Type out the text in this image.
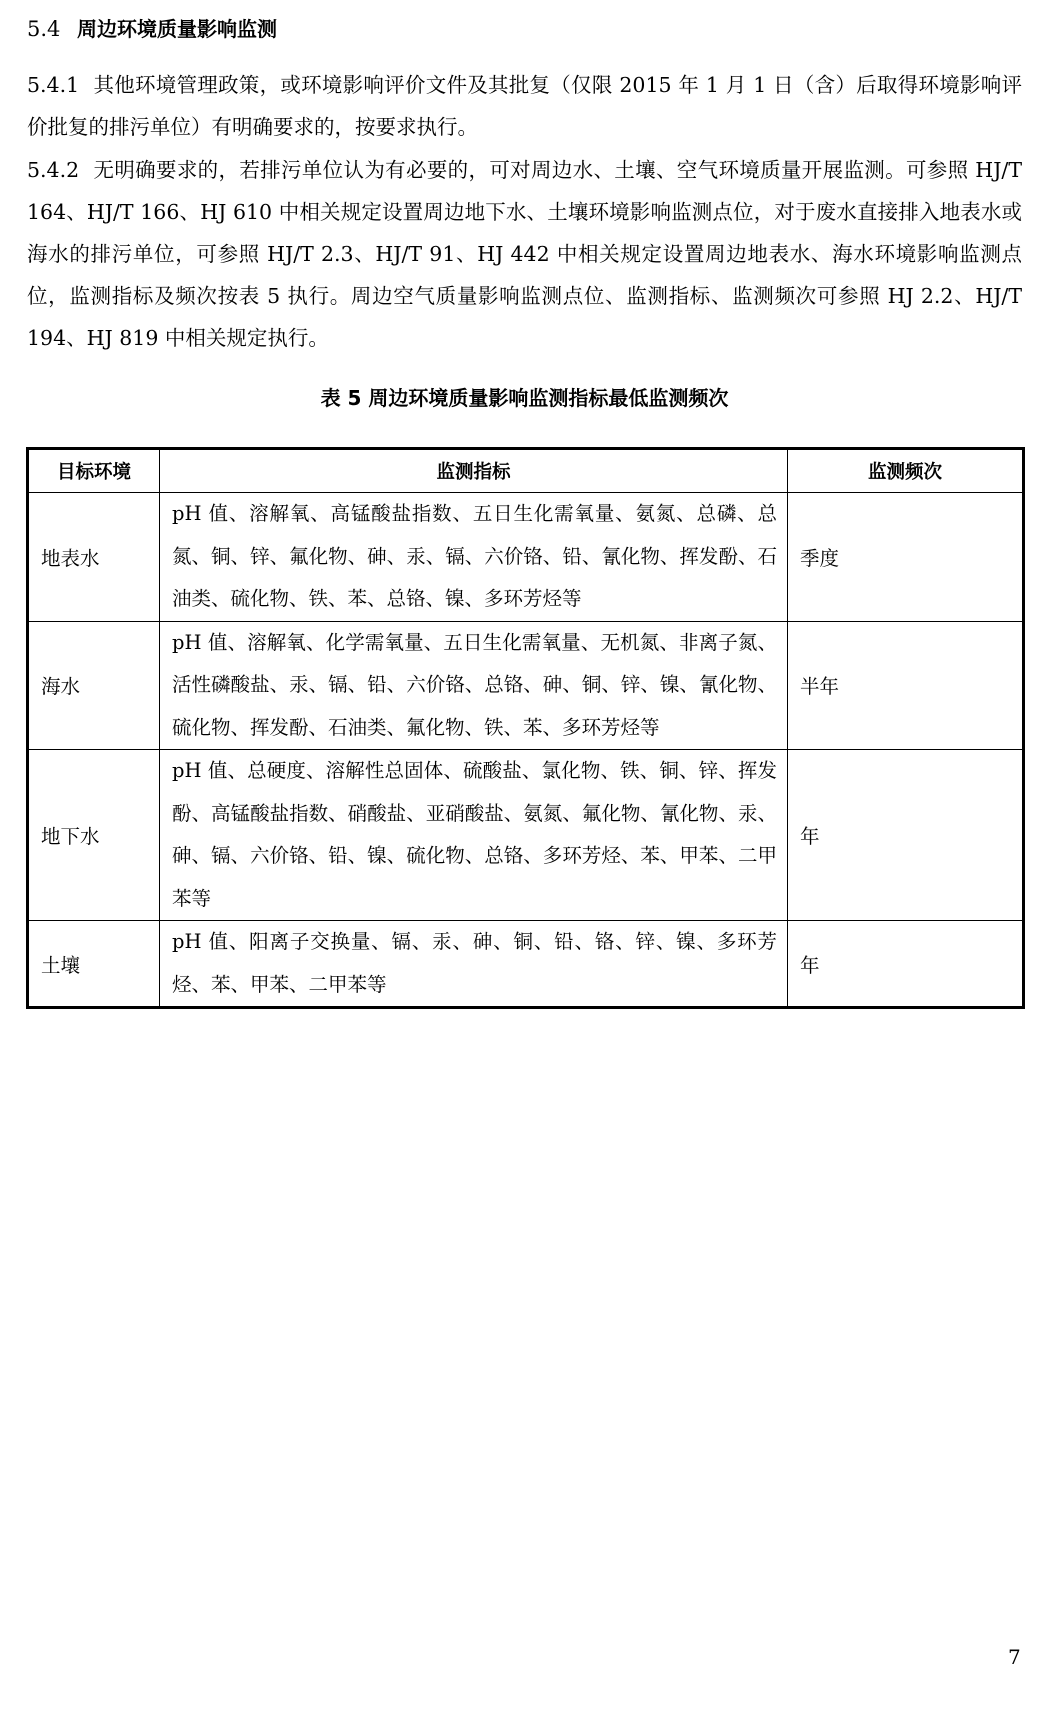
5.4 周边环境质量影响监测
5.4.1 其他环境管理政策，或环境影响评价文件及其批复（仅限 2015 年 1 月 1 日（含）后取得环境影响评价批复的排污单位）有明确要求的，按要求执行。
5.4.2 无明确要求的，若排污单位认为有必要的，可对周边水、土壤、空气环境质量开展监测。可参照 HJ/T 164、HJ/T 166、HJ 610 中相关规定设置周边地下水、土壤环境影响监测点位，对于废水直接排入地表水或海水的排污单位，可参照 HJ/T 2.3、HJ/T 91、HJ 442 中相关规定设置周边地表水、海水环境影响监测点位，监测指标及频次按表 5 执行。周边空气质量影响监测点位、监测指标、监测频次可参照 HJ 2.2、HJ/T 194、HJ 819 中相关规定执行。
表 5 周边环境质量影响监测指标最低监测频次
目标环境	监测指标	监测频次
地表水	pH 值、溶解氧、高锰酸盐指数、五日生化需氧量、氨氮、总磷、总氮、铜、锌、氟化物、砷、汞、镉、六价铬、铅、氰化物、挥发酚、石油类、硫化物、铁、苯、总铬、镍、多环芳烃等	季度
海水	pH 值、溶解氧、化学需氧量、五日生化需氧量、无机氮、非离子氮、活性磷酸盐、汞、镉、铅、六价铬、总铬、砷、铜、锌、镍、氰化物、硫化物、挥发酚、石油类、氟化物、铁、苯、多环芳烃等	半年
地下水	pH 值、总硬度、溶解性总固体、硫酸盐、氯化物、铁、铜、锌、挥发酚、高锰酸盐指数、硝酸盐、亚硝酸盐、氨氮、氟化物、氰化物、汞、砷、镉、六价铬、铅、镍、硫化物、总铬、多环芳烃、苯、甲苯、二甲苯等	年
土壤	pH 值、阳离子交换量、镉、汞、砷、铜、铅、铬、锌、镍、多环芳烃、苯、甲苯、二甲苯等	年
7
